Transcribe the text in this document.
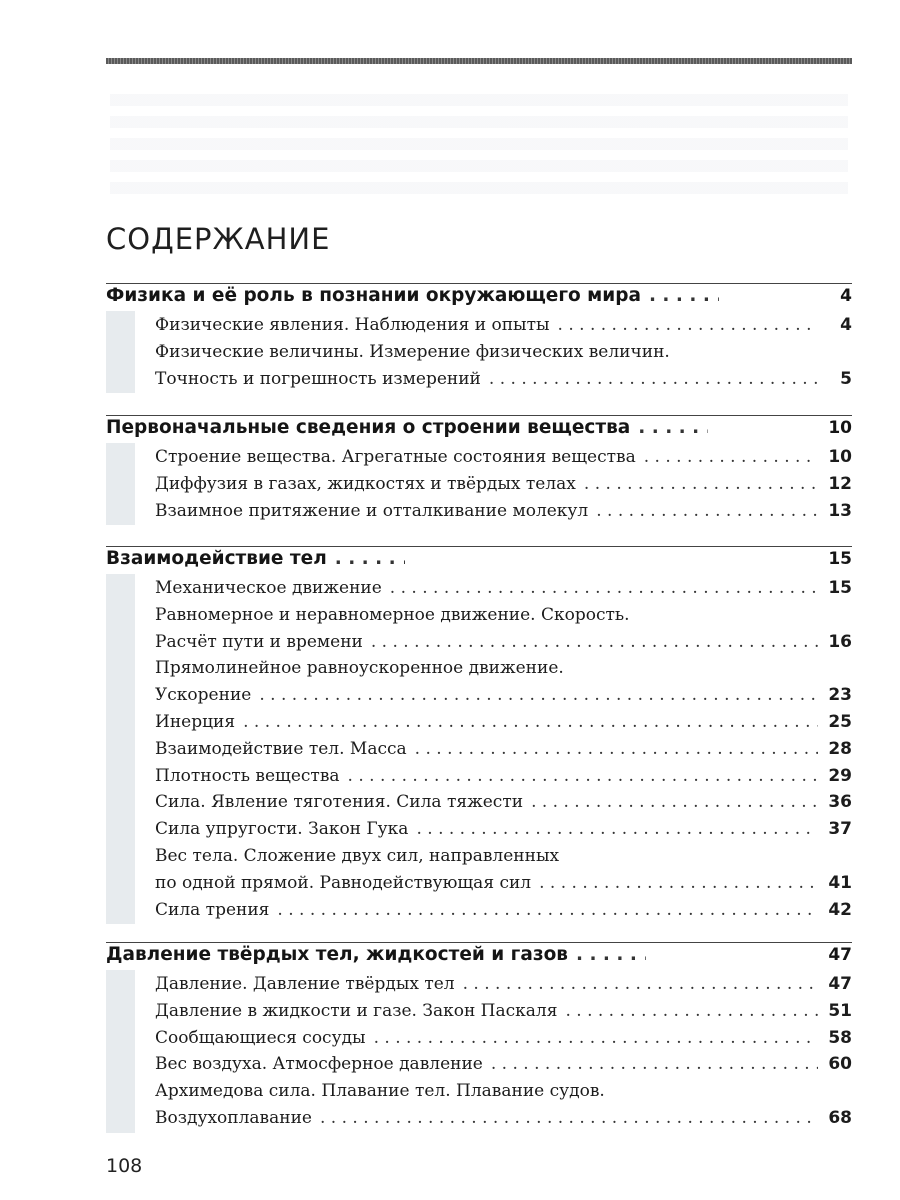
СОДЕРЖАНИЕ
Физика и её роль в познании окружающего мира . . .	4
Физические явления. Наблюдения и опыты . . .	4
Физические величины. Измерение физических величин.
Точность и погрешность измерений . . .	5
Первоначальные сведения о строении вещества . . .	10
Строение вещества. Агрегатные состояния вещества . . .	10
Диффузия в газах, жидкостях и твёрдых телах . . .	12
Взаимное притяжение и отталкивание молекул . . .	13
Взаимодействие тел . . .	15
Механическое движение . . .	15
Равномерное и неравномерное движение. Скорость.
Расчёт пути и времени . . .	16
Прямолинейное равноускоренное движение.
Ускорение . . .	23
Инерция . . .	25
Взаимодействие тел. Масса . . .	28
Плотность вещества . . .	29
Сила. Явление тяготения. Сила тяжести . . .	36
Сила упругости. Закон Гука . . .	37
Вес тела. Сложение двух сил, направленных
по одной прямой. Равнодействующая сил . . .	41
Сила трения . . .	42
Давление твёрдых тел, жидкостей и газов . . .	47
Давление. Давление твёрдых тел . . .	47
Давление в жидкости и газе. Закон Паскаля . . .	51
Сообщающиеся сосуды . . .	58
Вес воздуха. Атмосферное давление . . .	60
Архимедова сила. Плавание тел. Плавание судов.
Воздухоплавание . . .	68
108
